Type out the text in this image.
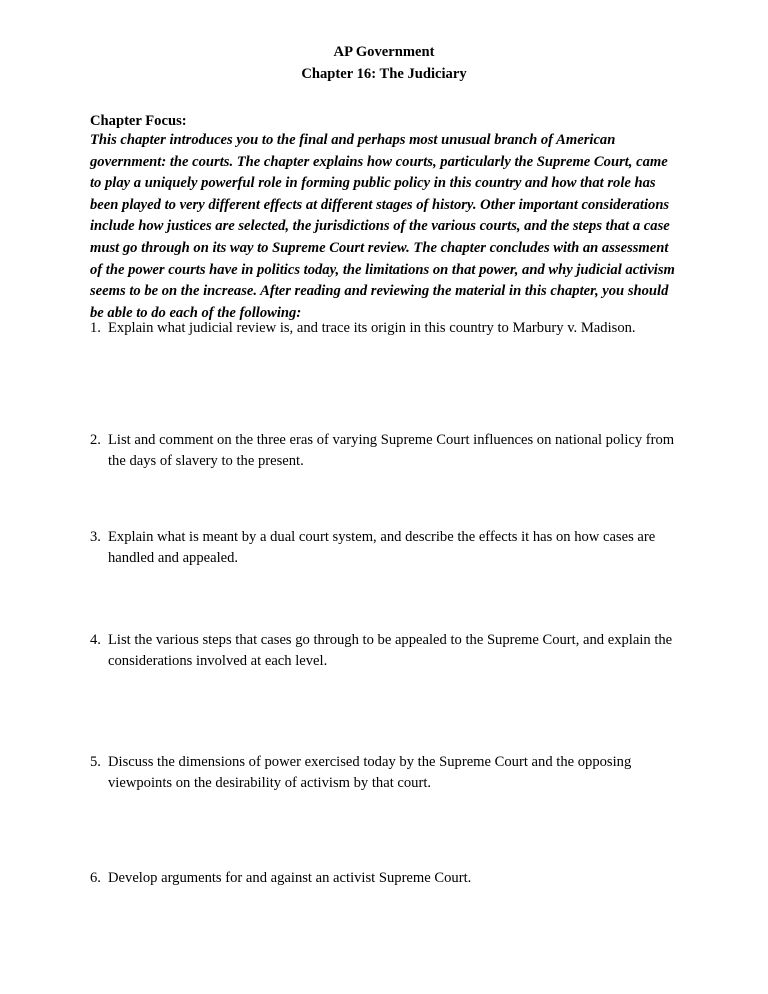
AP Government
Chapter 16: The Judiciary
Chapter Focus:
This chapter introduces you to the final and perhaps most unusual branch of American government: the courts. The chapter explains how courts, particularly the Supreme Court, came to play a uniquely powerful role in forming public policy in this country and how that role has been played to very different effects at different stages of history. Other important considerations include how justices are selected, the jurisdictions of the various courts, and the steps that a case must go through on its way to Supreme Court review. The chapter concludes with an assessment of the power courts have in politics today, the limitations on that power, and why judicial activism seems to be on the increase. After reading and reviewing the material in this chapter, you should be able to do each of the following:
1. Explain what judicial review is, and trace its origin in this country to Marbury v. Madison.
2. List and comment on the three eras of varying Supreme Court influences on national policy from the days of slavery to the present.
3. Explain what is meant by a dual court system, and describe the effects it has on how cases are handled and appealed.
4. List the various steps that cases go through to be appealed to the Supreme Court, and explain the considerations involved at each level.
5. Discuss the dimensions of power exercised today by the Supreme Court and the opposing viewpoints on the desirability of activism by that court.
6. Develop arguments for and against an activist Supreme Court.
